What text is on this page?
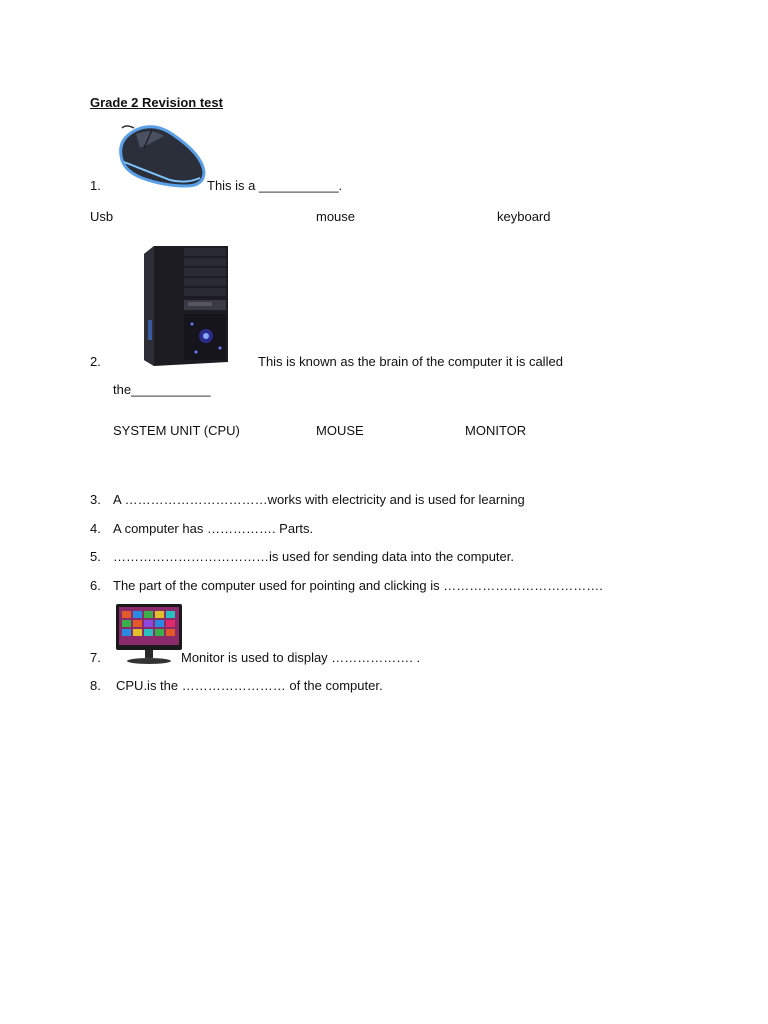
Grade 2 Revision test
1.	This is a ___________.
Usb	mouse	keyboard
2.	This is known as the brain of the computer it is called
the___________
SYSTEM UNIT (CPU)	MOUSE	MONITOR
3. A ……………………………works with electricity and is used for learning
4. A computer has ……………. Parts.
5. ………………………………is used for sending data into the computer.
6. The part of the computer used for pointing and clicking is ……………………………….
7.	Monitor is used to display ………………. .
8. CPU.is the …………………… of the computer.
